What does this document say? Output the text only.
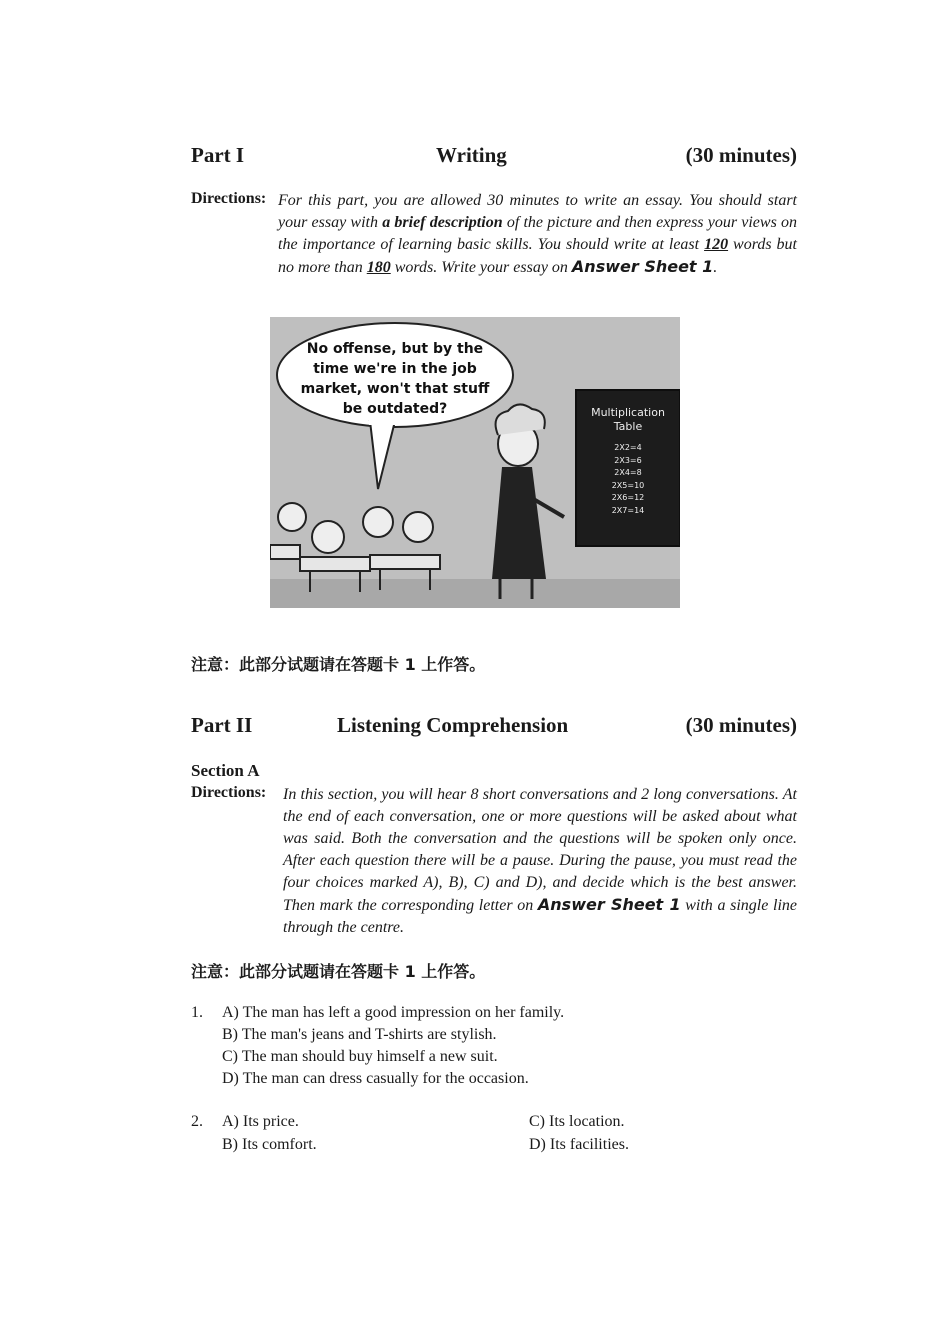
Part I	Writing	(30 minutes)
Directions: For this part, you are allowed 30 minutes to write an essay. You should start your essay with a brief description of the picture and then express your views on the importance of learning basic skills. You should write at least 120 words but no more than 180 words. Write your essay on Answer Sheet 1.
No offense, but by the
time we're in the job
market, won't that stuff
be outdated?	Multiplication
Table
2X2=4
2X3=6
2X4=8
2X5=10
2X6=12
2X7=14
注意：此部分试题请在答题卡 1 上作答。
Part II	Listening Comprehension	(30 minutes)
Section A
Directions: In this section, you will hear 8 short conversations and 2 long conversations. At the end of each conversation, one or more questions will be asked about what was said. Both the conversation and the questions will be spoken only once. After each question there will be a pause. During the pause, you must read the four choices marked A), B), C) and D), and decide which is the best answer. Then mark the corresponding letter on Answer Sheet 1 with a single line through the centre.
注意：此部分试题请在答题卡 1 上作答。
1. A) The man has left a good impression on her family.
B) The man's jeans and T-shirts are stylish.
C) The man should buy himself a new suit.
D) The man can dress casually for the occasion.
2. A) Its price.
B) Its comfort.
C) Its location.
D) Its facilities.
